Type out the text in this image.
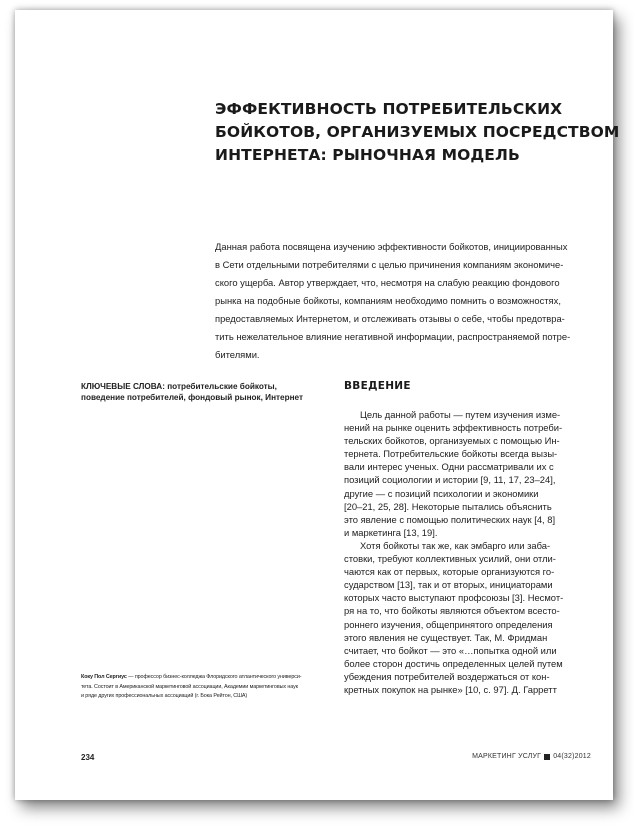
ЭФФЕКТИВНОСТЬ ПОТРЕБИТЕЛЬСКИХ
БОЙКОТОВ, ОРГАНИЗУЕМЫХ ПОСРЕДСТВОМ
ИНТЕРНЕТА: РЫНОЧНАЯ МОДЕЛЬ
Данная работа посвящена изучению эффективности бойкотов, инициированных
в Сети отдельными потребителями с целью причинения компаниям экономиче-
ского ущерба. Автор утверждает, что, несмотря на слабую реакцию фондового
рынка на подобные бойкоты, компаниям необходимо помнить о возможностях,
предоставляемых Интернетом, и отслеживать отзывы о себе, чтобы предотвра-
тить нежелательное влияние негативной информации, распространяемой потре-
бителями.
КЛЮЧЕВЫЕ СЛОВА: потребительские бойкоты, поведение потребителей, фондовый рынок, Интернет
ВВЕДЕНИЕ
Цель данной работы — путем изучения изме-
нений на рынке оценить эффективность потреби-
тельских бойкотов, организуемых с помощью Ин-
тернета. Потребительские бойкоты всегда вызы-
вали интерес ученых. Одни рассматривали их с
позиций социологии и истории [9, 11, 17, 23–24],
другие — с позиций психологии и экономики
[20–21, 25, 28]. Некоторые пытались объяснить
это явление с помощью политических наук [4, 8]
и маркетинга [13, 19].
Хотя бойкоты так же, как эмбарго или заба-
стовки, требуют коллективных усилий, они отли-
чаются как от первых, которые организуются го-
сударством [13], так и от вторых, инициаторами
которых часто выступают профсоюзы [3]. Несмот-
ря на то, что бойкоты являются объектом всесто-
роннего изучения, общепринятого определения
этого явления не существует. Так, М. Фридман
считает, что бойкот — это «…попытка одной или
более сторон достичь определенных целей путем
убеждения потребителей воздержаться от кон-
кретных покупок на рынке» [10, с. 97]. Д. Гарретт
Коку Пол Сергиус — профессор бизнес-колледжа Флоридского атлантического универси-
тета. Состоит в Американской маркетинговой ассоциации, Академии маркетинговых наук
и ряде других профессиональных ассоциаций (г. Бока Рейтон, США)
234	МАРКЕТИНГ УСЛУГ 04(32)2012
